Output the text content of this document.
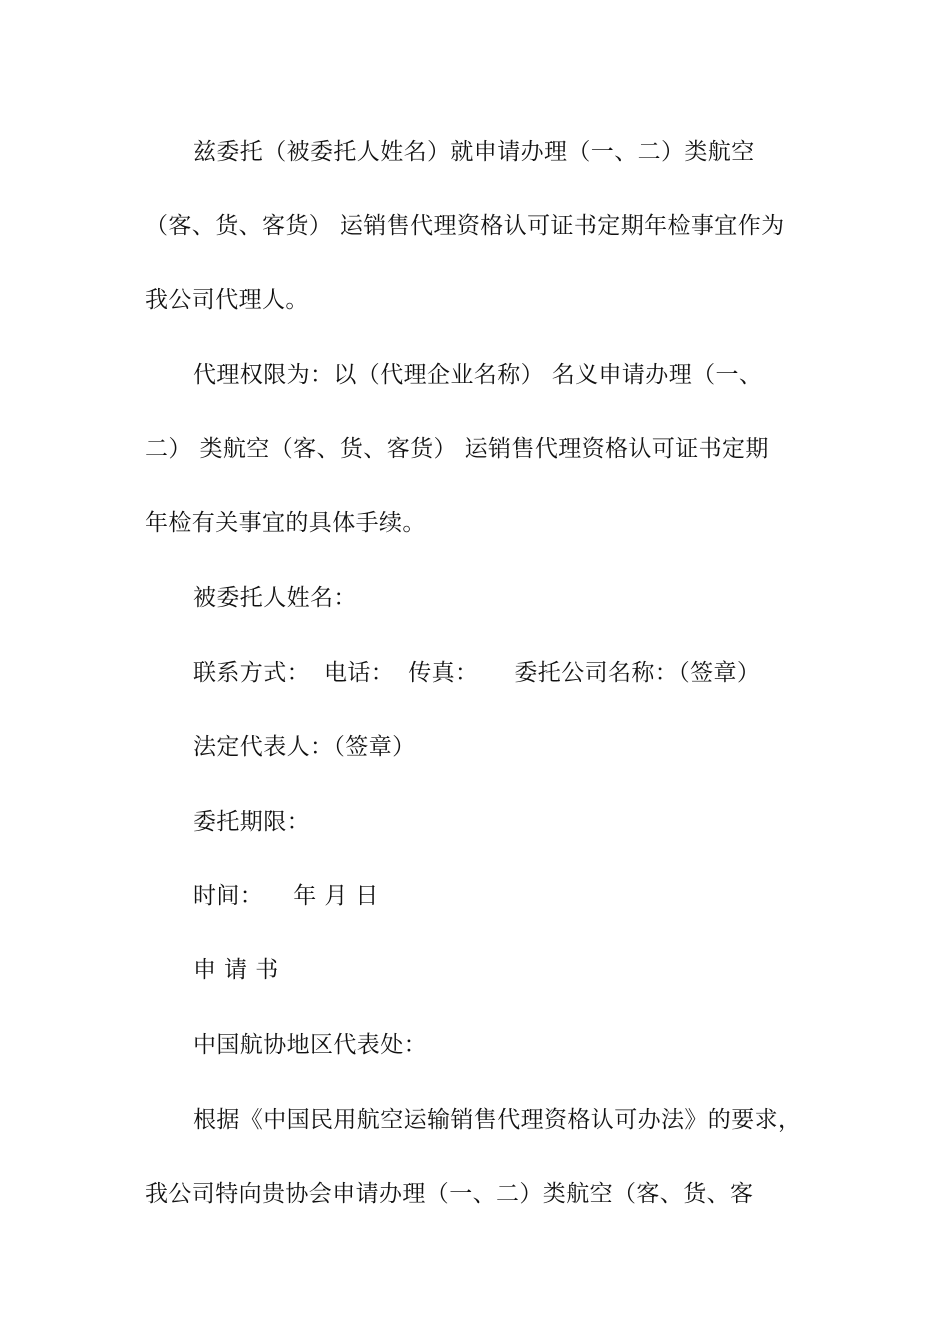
兹委托（被委托人姓名）就申请办理（一、二）类航空
（客、货、客货） 运销售代理资格认可证书定期年检事宜作为
我公司代理人。
代理权限为：以（代理企业名称） 名义申请办理（一、
二） 类航空（客、货、客货） 运销售代理资格认可证书定期
年检有关事宜的具体手续。
被委托人姓名：
联系方式： 电话： 传真： 委托公司名称：（签章）
法定代表人：（签章）
委托期限：
时间： 年 月 日
申 请 书
中国航协地区代表处：
根据《中国民用航空运输销售代理资格认可办法》的要求，
我公司特向贵协会申请办理（一、二）类航空（客、货、客
